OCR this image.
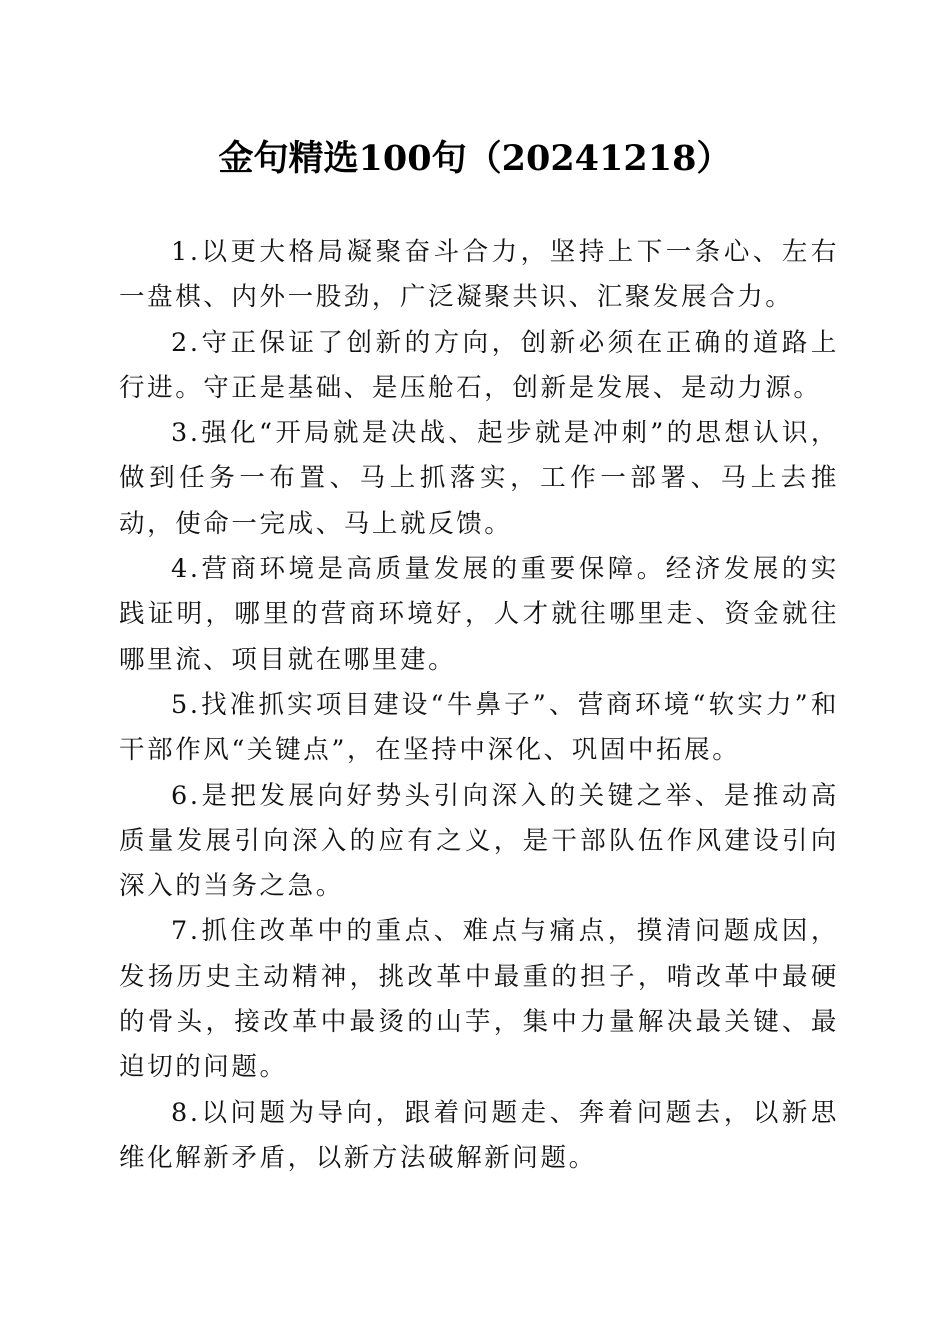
金句精选100句（20241218）

1.以更大格局凝聚奋斗合力，坚持上下一条心、左右一盘棋、内外一股劲，广泛凝聚共识、汇聚发展合力。

2.守正保证了创新的方向，创新必须在正确的道路上行进。守正是基础、是压舱石，创新是发展、是动力源。

3.强化“开局就是决战、起步就是冲刺”的思想认识，做到任务一布置、马上抓落实，工作一部署、马上去推动，使命一完成、马上就反馈。

4.营商环境是高质量发展的重要保障。经济发展的实践证明，哪里的营商环境好，人才就往哪里走、资金就往哪里流、项目就在哪里建。

5.找准抓实项目建设“牛鼻子”、营商环境“软实力”和干部作风“关键点”，在坚持中深化、巩固中拓展。

6.是把发展向好势头引向深入的关键之举、是推动高质量发展引向深入的应有之义，是干部队伍作风建设引向深入的当务之急。

7.抓住改革中的重点、难点与痛点，摸清问题成因，发扬历史主动精神，挑改革中最重的担子，啃改革中最硬的骨头，接改革中最烫的山芋，集中力量解决最关键、最迫切的问题。

8.以问题为导向，跟着问题走、奔着问题去，以新思维化解新矛盾，以新方法破解新问题。
